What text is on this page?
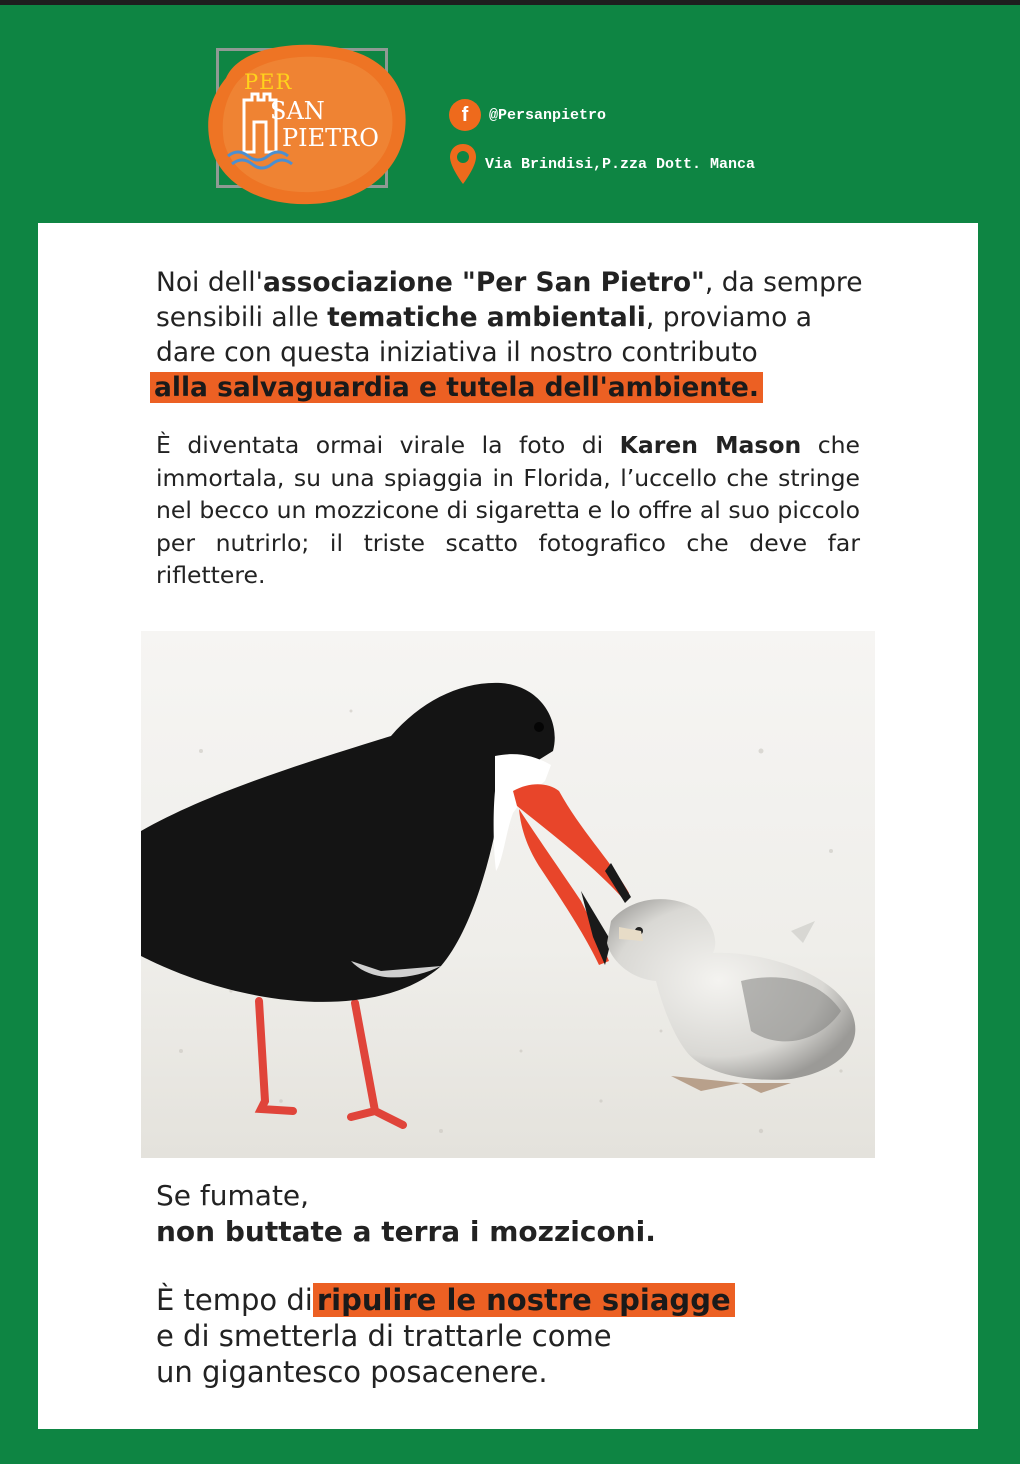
PER
SAN
PIETRO
f	@Persanpietro
Via Brindisi,P.zza Dott. Manca

Noi dell'associazione "Per San Pietro", da sempre sensibili alle tematiche ambientali, proviamo a dare con questa iniziativa il nostro contributo
alla salvaguardia e tutela dell'ambiente.

È diventata ormai virale la foto di Karen Mason che immortala, su una spiaggia in Florida, l’uccello che stringe nel becco un mozzicone di sigaretta e lo offre al suo piccolo per nutrirlo; il triste scatto fotografico che deve far riflettere.

Se fumate,
non buttate a terra i mozziconi.

È tempo di ripulire le nostre spiagge
e di smetterla di trattarle come
un gigantesco posacenere.
